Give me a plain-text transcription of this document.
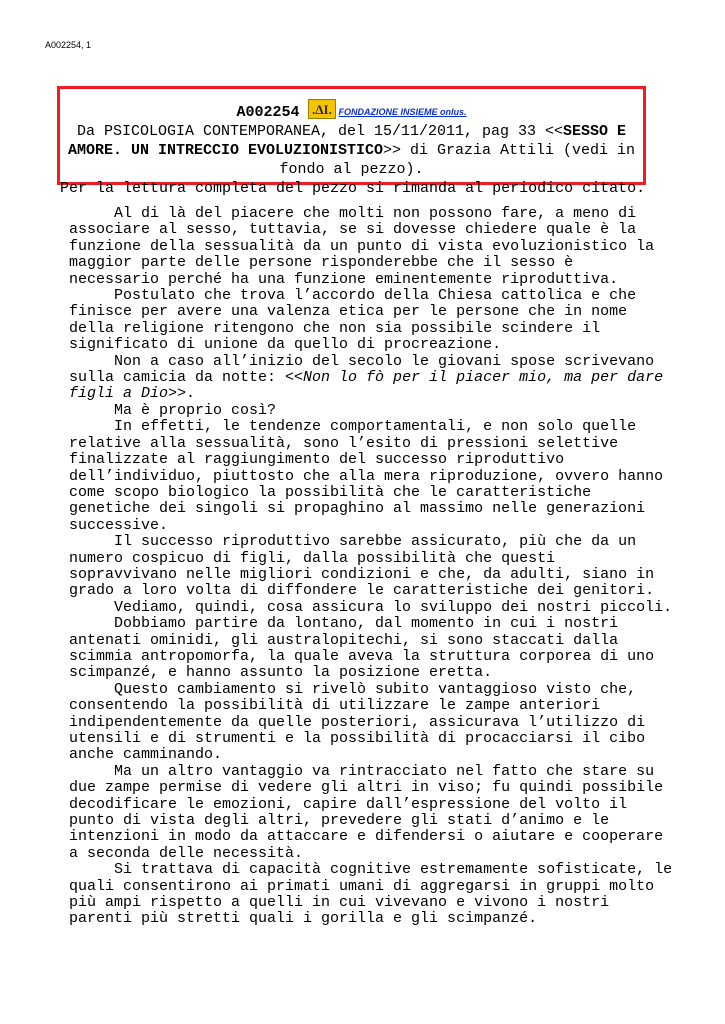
A002254, 1
A002254 .ΔI. FONDAZIONE INSIEME onlus.
Da PSICOLOGIA CONTEMPORANEA, del 15/11/2011, pag 33 <<SESSO E
AMORE. UN INTRECCIO EVOLUZIONISTICO>> di Grazia Attili (vedi in
fondo al pezzo).
Per la lettura completa del pezzo si rimanda al periodico citato.

Al di là del piacere che molti non possono fare, a meno di

associare al sesso, tuttavia, se si dovesse chiedere quale è la

funzione della sessualità da un punto di vista evoluzionistico la

maggior parte delle persone risponderebbe che il sesso è

necessario perché ha una funzione eminentemente riproduttiva.

Postulato che trova l’accordo della Chiesa cattolica e che

finisce per avere una valenza etica per le persone che in nome

della religione ritengono che non sia possibile scindere il

significato di unione da quello di procreazione.

Non a caso all’inizio del secolo le giovani spose scrivevano

sulla camicia da notte: <<Non lo fò per il piacer mio, ma per dare

figli a Dio>>.

Ma è proprio così?

In effetti, le tendenze comportamentali, e non solo quelle

relative alla sessualità, sono l’esito di pressioni selettive

finalizzate al raggiungimento del successo riproduttivo

dell’individuo, piuttosto che alla mera riproduzione, ovvero hanno

come scopo biologico la possibilità che le caratteristiche

genetiche dei singoli si propaghino al massimo nelle generazioni

successive.

Il successo riproduttivo sarebbe assicurato, più che da un

numero cospicuo di figli, dalla possibilità che questi

sopravvivano nelle migliori condizioni e che, da adulti, siano in

grado a loro volta di diffondere le caratteristiche dei genitori.

Vediamo, quindi, cosa assicura lo sviluppo dei nostri piccoli.

Dobbiamo partire da lontano, dal momento in cui i nostri

antenati ominidi, gli australopitechi, si sono staccati dalla

scimmia antropomorfa, la quale aveva la struttura corporea di uno

scimpanzé, e hanno assunto la posizione eretta.

Questo cambiamento si rivelò subito vantaggioso visto che,

consentendo la possibilità di utilizzare le zampe anteriori

indipendentemente da quelle posteriori, assicurava l’utilizzo di

utensili e di strumenti e la possibilità di procacciarsi il cibo

anche camminando.

Ma un altro vantaggio va rintracciato nel fatto che stare su

due zampe permise di vedere gli altri in viso; fu quindi possibile

decodificare le emozioni, capire dall’espressione del volto il

punto di vista degli altri, prevedere gli stati d’animo e le

intenzioni in modo da attaccare e difendersi o aiutare e cooperare

a seconda delle necessità.

Si trattava di capacità cognitive estremamente sofisticate, le

quali consentirono ai primati umani di aggregarsi in gruppi molto

più ampi rispetto a quelli in cui vivevano e vivono i nostri

parenti più stretti quali i gorilla e gli scimpanzé.
